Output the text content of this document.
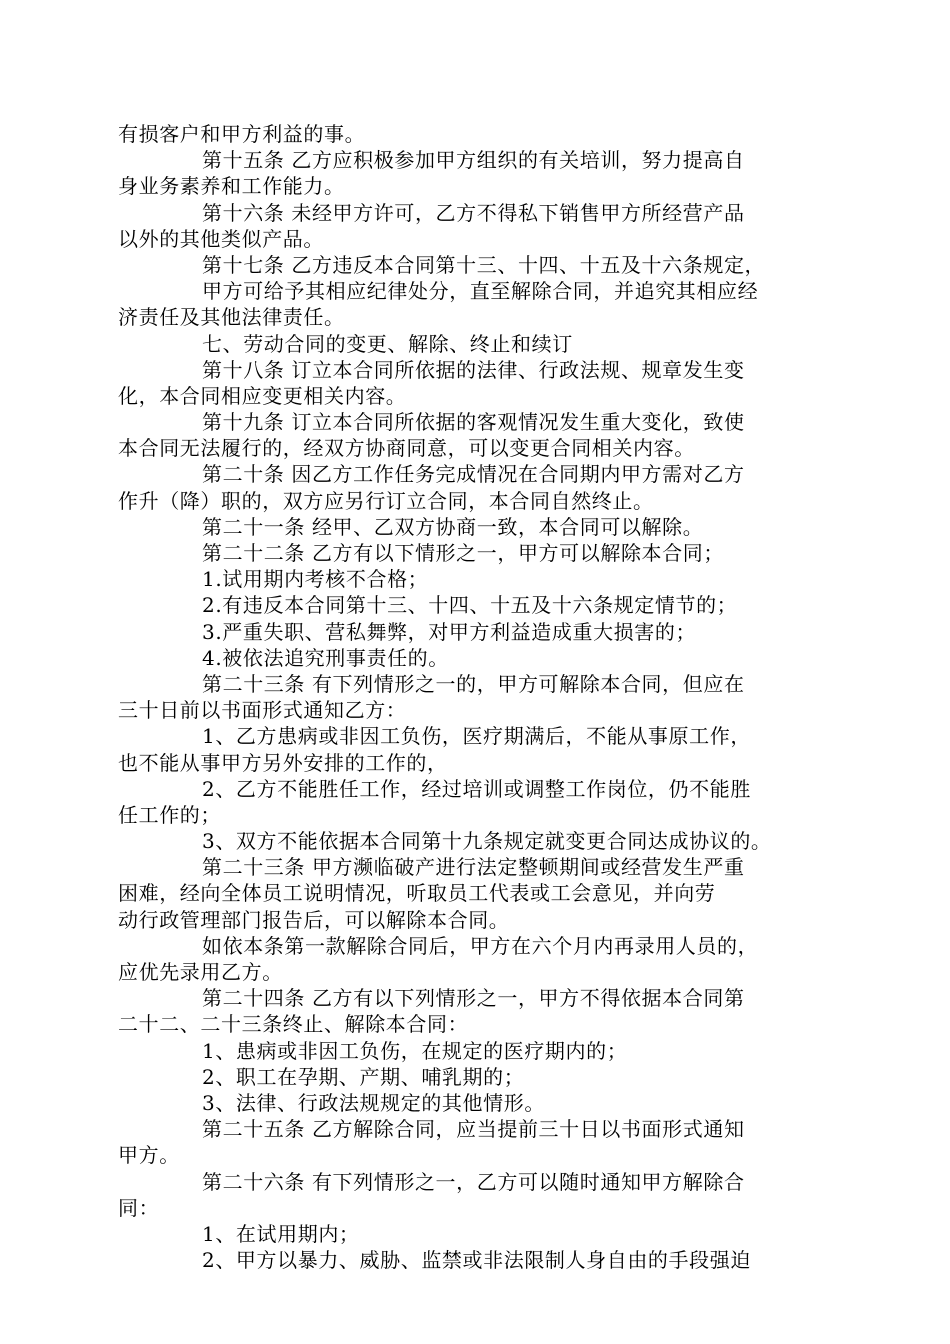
有损客户和甲方利益的事。
第十五条 乙方应积极参加甲方组织的有关培训，努力提高自
身业务素养和工作能力。
第十六条 未经甲方许可，乙方不得私下销售甲方所经营产品
以外的其他类似产品。
第十七条 乙方违反本合同第十三、十四、十五及十六条规定，
甲方可给予其相应纪律处分，直至解除合同，并追究其相应经
济责任及其他法律责任。
七、劳动合同的变更、解除、终止和续订
第十八条 订立本合同所依据的法律、行政法规、规章发生变
化，本合同相应变更相关内容。
第十九条 订立本合同所依据的客观情况发生重大变化，致使
本合同无法履行的，经双方协商同意，可以变更合同相关内容。
第二十条 因乙方工作任务完成情况在合同期内甲方需对乙方
作升（降）职的，双方应另行订立合同，本合同自然终止。
第二十一条 经甲、乙双方协商一致，本合同可以解除。
第二十二条 乙方有以下情形之一，甲方可以解除本合同；
1.试用期内考核不合格；
2.有违反本合同第十三、十四、十五及十六条规定情节的；
3.严重失职、营私舞弊，对甲方利益造成重大损害的；
4.被依法追究刑事责任的。
第二十三条 有下列情形之一的，甲方可解除本合同，但应在
三十日前以书面形式通知乙方：
1、乙方患病或非因工负伤，医疗期满后，不能从事原工作，
也不能从事甲方另外安排的工作的，
2、乙方不能胜任工作，经过培训或调整工作岗位，仍不能胜
任工作的；
3、双方不能依据本合同第十九条规定就变更合同达成协议的。
第二十三条 甲方濒临破产进行法定整顿期间或经营发生严重
困难，经向全体员工说明情况，听取员工代表或工会意见，并向劳
动行政管理部门报告后，可以解除本合同。
如依本条第一款解除合同后，甲方在六个月内再录用人员的，
应优先录用乙方。
第二十四条 乙方有以下列情形之一，甲方不得依据本合同第
二十二、二十三条终止、解除本合同：
1、患病或非因工负伤，在规定的医疗期内的；
2、职工在孕期、产期、哺乳期的；
3、法律、行政法规规定的其他情形。
第二十五条 乙方解除合同，应当提前三十日以书面形式通知
甲方。
第二十六条 有下列情形之一，乙方可以随时通知甲方解除合
同：
1、在试用期内；
2、甲方以暴力、威胁、监禁或非法限制人身自由的手段强迫
